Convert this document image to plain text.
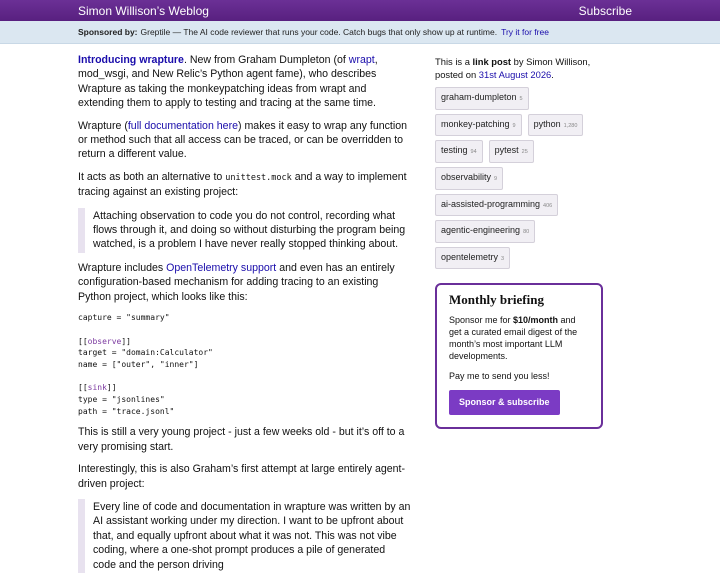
Simon Willison’s Weblog	Subscribe
Sponsored by: Greptile — The AI code reviewer that runs your code. Catch bugs that only show up at runtime. Try it for free

Introducing wrapture. New from Graham Dumpleton (of wrapt, mod_wsgi, and New Relic’s Python agent fame), who describes Wrapture as taking the monkeypatching ideas from wrapt and extending them to apply to testing and tracing at the same time.

Wrapture (full documentation here) makes it easy to wrap any function or method such that all access can be traced, or can be overridden to return a different value.

It acts as both an alternative to unittest.mock and a way to implement tracing against an existing project:

Attaching observation to code you do not control, recording what flows through it, and doing so without disturbing the program being watched, is a problem I have never really stopped thinking about.

Wrapture includes OpenTelemetry support and even has an entirely configuration-based mechanism for adding tracing to an existing Python project, which looks like this:

capture = "summary"

[[observe]]
target = "domain:Calculator"
name = ["outer", "inner"]

[[sink]]
type = "jsonlines"
path = "trace.jsonl"

This is still a very young project - just a few weeks old - but it’s off to a very promising start.

Interestingly, this is also Graham’s first attempt at large entirely agent-driven project:

Every line of code and documentation in wrapture was written by an AI assistant working under my direction. I want to be upfront about that, and equally upfront about what it was not. This was not vibe coding, where a one-shot prompt produces a pile of generated code and the person driving
This is a link post by Simon Willison, posted on 31st August 2026.
graham-dumpleton 5
monkey-patching 9	python 1,280
testing 94	pytest 25
observability 9
ai-assisted-programming 406
agentic-engineering 80
opentelemetry 3
Monthly briefing

Sponsor me for $10/month and get a curated email digest of the month’s most important LLM developments.

Pay me to send you less!

Sponsor & subscribe
